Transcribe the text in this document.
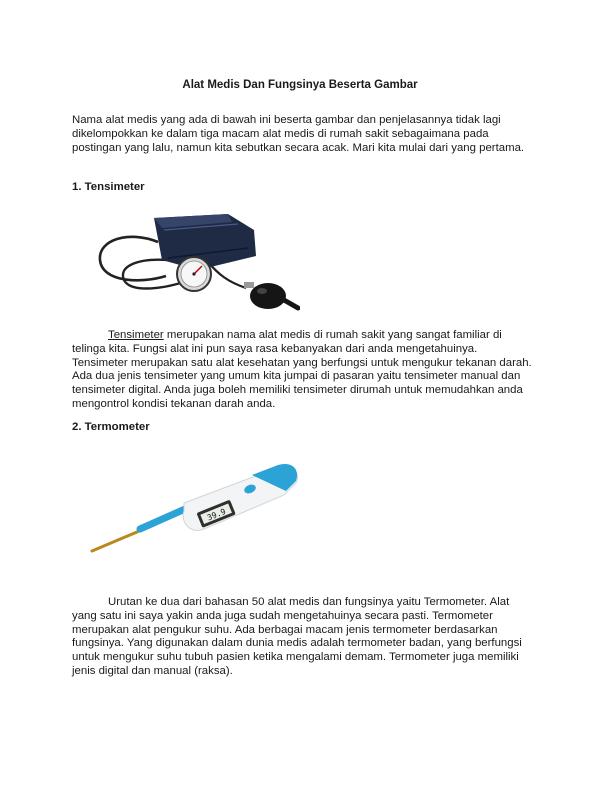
Alat Medis Dan Fungsinya Beserta Gambar

Nama alat medis yang ada di bawah ini beserta gambar dan penjelasannya tidak lagi dikelompokkan ke dalam tiga macam alat medis di rumah sakit sebagaimana pada postingan yang lalu, namun kita sebutkan secara acak. Mari kita mulai dari yang pertama.

1. Tensimeter

Tensimeter merupakan nama alat medis di rumah sakit yang sangat familiar di telinga kita. Fungsi alat ini pun saya rasa kebanyakan dari anda mengetahuinya. Tensimeter merupakan satu alat kesehatan yang berfungsi untuk mengukur tekanan darah. Ada dua jenis tensimeter yang umum kita jumpai di pasaran yaitu tensimeter manual dan tensimeter digital. Anda juga boleh memiliki tensimeter dirumah untuk memudahkan anda mengontrol kondisi tekanan darah anda.

2. Termometer
39.9

Urutan ke dua dari bahasan 50 alat medis dan fungsinya yaitu Termometer. Alat yang satu ini saya yakin anda juga sudah mengetahuinya secara pasti. Termometer merupakan alat pengukur suhu. Ada berbagai macam jenis termometer berdasarkan fungsinya. Yang digunakan dalam dunia medis adalah termometer badan, yang berfungsi untuk mengukur suhu tubuh pasien ketika mengalami demam. Termometer juga memiliki jenis digital dan manual (raksa).
